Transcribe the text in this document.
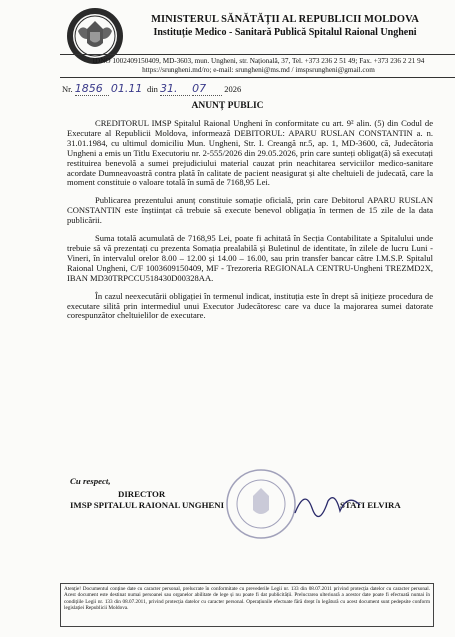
MINISTERUL SĂNĂTĂȚII AL REPUBLICII MOLDOVA
Instituție Medico - Sanitară Publică Spitalul Raional Ungheni
IDNO 1002409150409, MD-3603, mun. Ungheni, str. Națională, 37, Tel. +373 236 2 51 49; Fax. +373 236 2 21 94
https://srungheni.md/ro; e-mail: srungheni@ms.md / imspsrungheni@gmail.com
Nr. 1856 01.11 din 31. 07 2026
ANUNȚ PUBLIC

CREDITORUL IMSP Spitalul Raional Ungheni în conformitate cu art. 9² alin. (5) din Codul de Executare al Republicii Moldova, informează DEBITORUL: APARU RUSLAN CONSTANTIN a. n. 31.01.1984, cu ultimul domiciliu Mun. Ungheni, Str. I. Creangă nr.5, ap. 1, MD-3600, că, Judecătoria Ungheni a emis un Titlu Executoriu nr. 2-555/2026 din 29.05.2026, prin care sunteți obligat(ă) să executați restituirea benevolă a sumei prejudiciului material cauzat prin neachitarea serviciilor medico-sanitare acordate Dumneavoastră contra plată în calitate de pacient neasigurat și alte cheltuieli de judecată, care la moment constituie o valoare totală în sumă de 7168,95 Lei.

Publicarea prezentului anunț constituie somație oficială, prin care Debitorul APARU RUSLAN CONSTANTIN este înștiințat că trebuie să execute benevol obligația în termen de 15 zile de la data publicării.

Suma totală acumulată de 7168,95 Lei, poate fi achitată în Secția Contabilitate a Spitalului unde trebuie să vă prezentați cu prezenta Somația prealabilă și Buletinul de identitate, în zilele de lucru Luni - Vineri, în intervalul orelor 8.00 – 12.00 și 14.00 – 16.00, sau prin transfer bancar către I.M.S.P. Spitalul Raional Ungheni, C/F 1003609150409, MF - Trezoreria REGIONALA CENTRU-Ungheni TREZMD2X, IBAN MD30TRPCCU518430D00328AA.

În cazul neexecutării obligației în termenul indicat, instituția este în drept să inițieze procedura de executare silită prin intermediul unui Executor Judecătoresc care va duce la majorarea sumei datorate corespunzător cheltuielilor de executare.

Cu respect,
DIRECTOR
IMSP SPITALUL RAIONAL UNGHENI	STATI ELVIRA
Atenție! Documentul conține date cu caracter personal, prelucrate în conformitate cu prevederile Legii nr. 133 din 08.07.2011 privind protecția datelor cu caracter personal. Acest document este destinat numai persoanei sau organelor abilitate de lege și nu poate fi dat publicității. Prelucrarea ulterioară a acestor date poate fi efectuată numai în condițiile Legii nr. 133 din 08.07.2011, privind protecția datelor cu caracter personal. Operațiunile efectuate fără drept în legătură cu acest document sunt pedepsite conform legislației Republicii Moldova.
